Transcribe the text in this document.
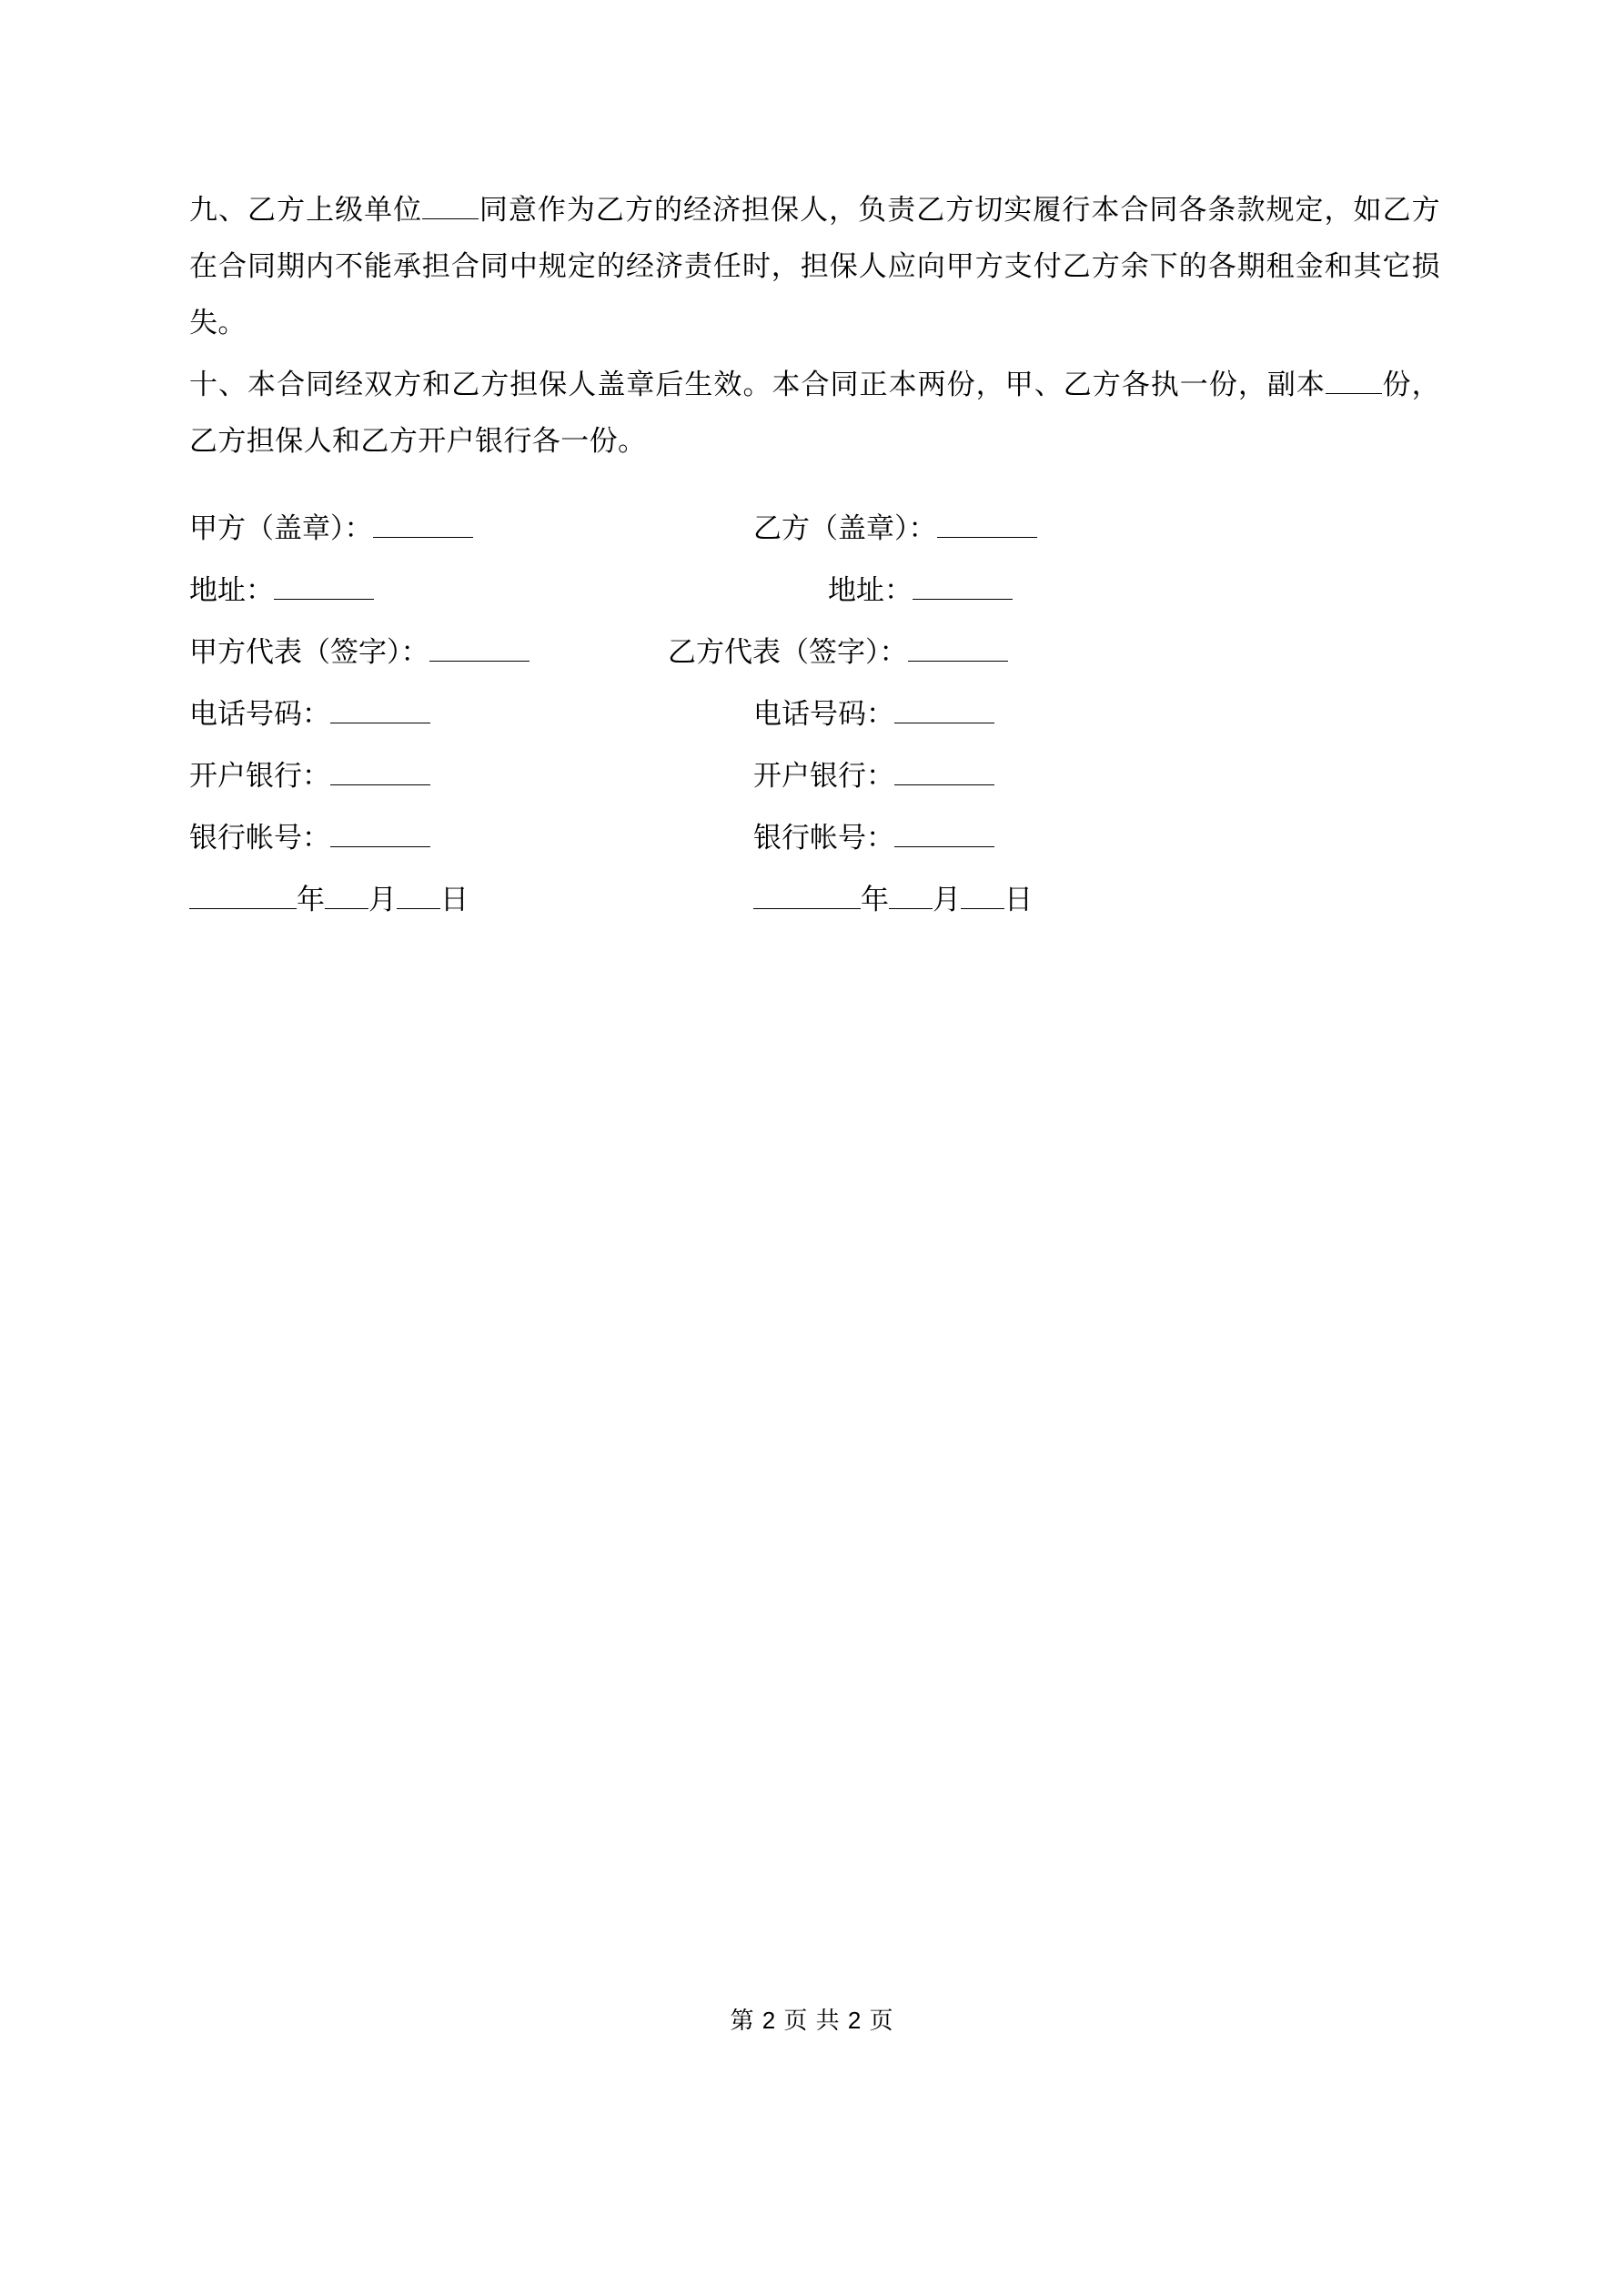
九、乙方上级单位 同意作为乙方的经济担保人，负责乙方切实履行本合同各条款规定，如乙方在合同期内不能承担合同中规定的经济责任时，担保人应向甲方支付乙方余下的各期租金和其它损失。

十、本合同经双方和乙方担保人盖章后生效。本合同正本两份，甲、乙方各执一份，副本 份，乙方担保人和乙方开户银行各一份。

甲方（盖章）：	乙方（盖章）：
地址：	地址：
甲方代表（签字）：	乙方代表（签字）：
电话号码：	电话号码：
开户银行：	开户银行：
银行帐号：	银行帐号：
年 月 日	年 月 日
第 2 页 共 2 页
